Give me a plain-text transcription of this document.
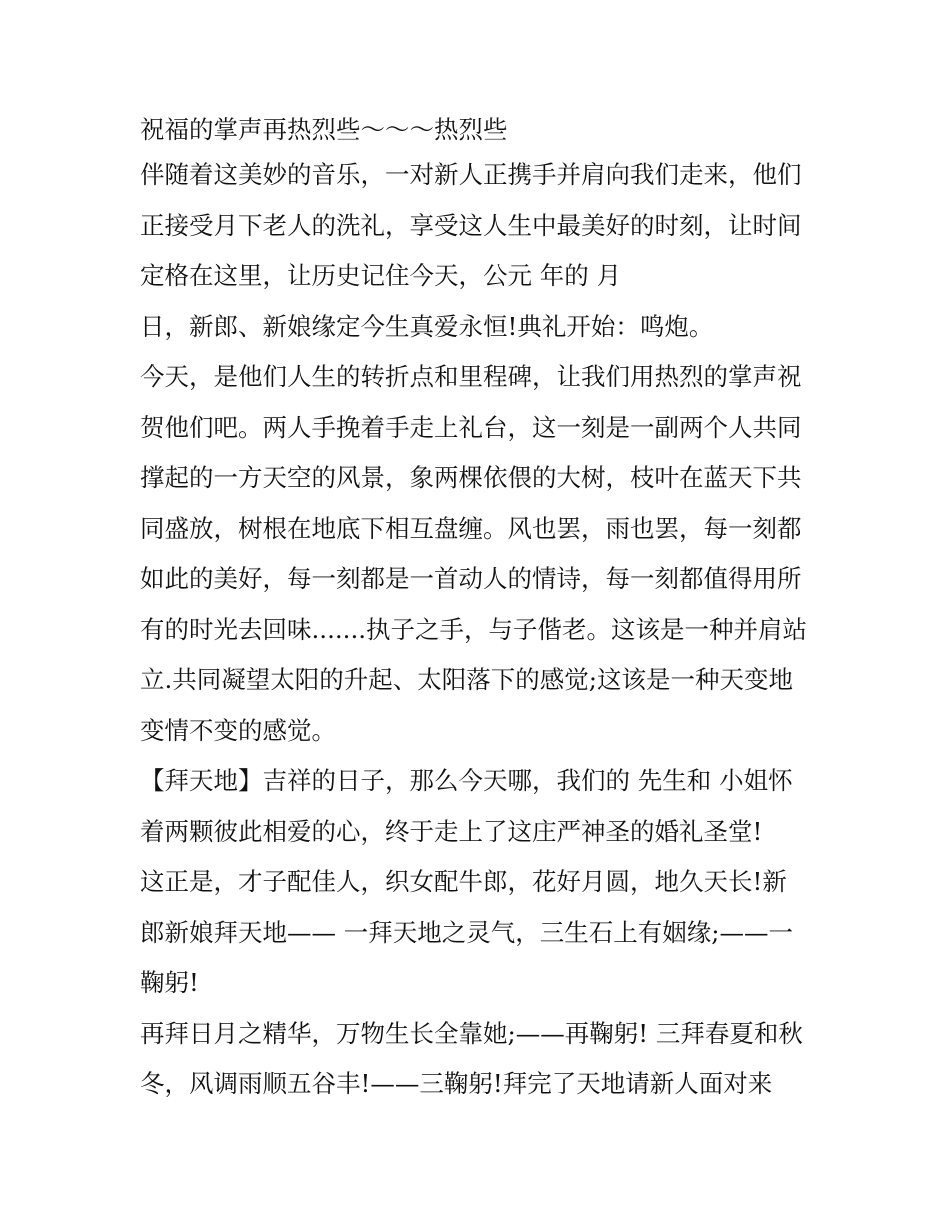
祝福的掌声再热烈些～～～热烈些
伴随着这美妙的音乐，一对新人正携手并肩向我们走来，他们
正接受月下老人的洗礼，享受这人生中最美好的时刻，让时间
定格在这里，让历史记住今天，公元 年的 月
日，新郎、新娘缘定今生真爱永恒!典礼开始：鸣炮。
今天，是他们人生的转折点和里程碑，让我们用热烈的掌声祝
贺他们吧。两人手挽着手走上礼台，这一刻是一副两个人共同
撑起的一方天空的风景，象两棵依偎的大树，枝叶在蓝天下共
同盛放，树根在地底下相互盘缠。风也罢，雨也罢，每一刻都
如此的美好，每一刻都是一首动人的情诗，每一刻都值得用所
有的时光去回味.......执子之手，与子偕老。这该是一种并肩站
立.共同凝望太阳的升起、太阳落下的感觉;这该是一种天变地
变情不变的感觉。
【拜天地】吉祥的日子，那么今天哪，我们的 先生和 小姐怀
着两颗彼此相爱的心，终于走上了这庄严神圣的婚礼圣堂!
这正是，才子配佳人，织女配牛郎，花好月圆，地久天长!新
郎新娘拜天地—— 一拜天地之灵气，三生石上有姻缘;——一
鞠躬!
再拜日月之精华，万物生长全靠她;——再鞠躬! 三拜春夏和秋
冬，风调雨顺五谷丰!——三鞠躬!拜完了天地请新人面对来
